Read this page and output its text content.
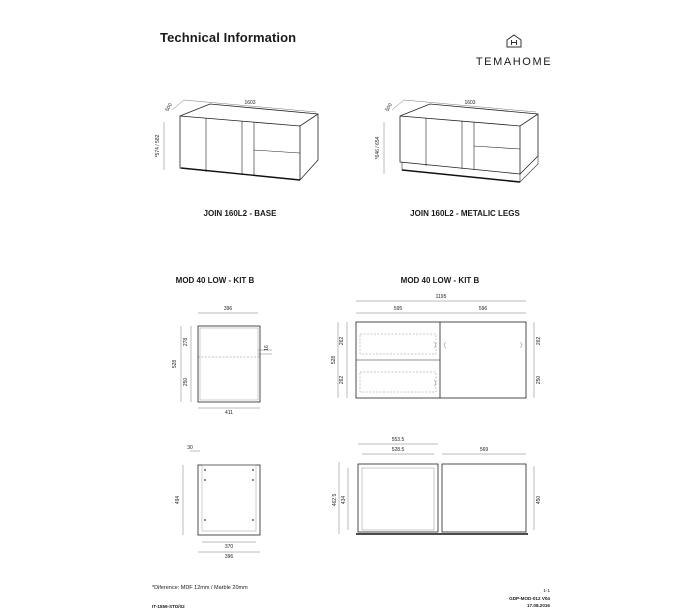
Technical Information
TEMAHOME
1603
500
*574 / 582
JOIN 160L2 - BASE
1603
500
*646 / 654
JOIN 160L2 - METALIC LEGS
MOD 40 LOW - KIT B
396
528
278
250
16
411
30
494
370
396
MOD 40 LOW - KIT B
1195
595	596
528
262
262
262
250
553.5
528.5	569
462.5 434	450
*Diference: MDF 12mm / Marble 20mm
IT-1559-STD/02
1-1
GDP-MOD-012 V04
17.08.2016
